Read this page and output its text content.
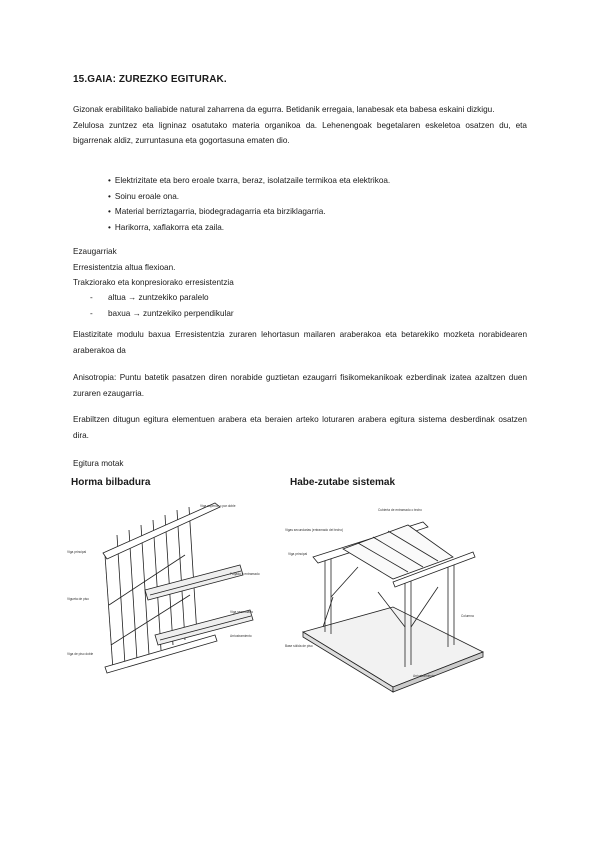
15.GAIA: ZUREZKO EGITURAK.
Gizonak erabilitako baliabide natural zaharrena da egurra. Betidanik erregaia, lanabesak eta babesa eskaini dizkigu.
Zelulosa zuntzez eta ligninaz osatutako materia organikoa da. Lehenengoak begetalaren eskeletoa osatzen du, eta bigarrenak aldiz, zurruntasuna eta gogortasuna ematen dio.
• Elektrizitate eta bero eroale txarra, beraz, isolatzaile termikoa eta elektrikoa.
• Soinu eroale ona.
• Material berriztagarria, biodegradagarria eta birziklagarria.
• Harikorra, xaflakorra eta zaila.
Ezaugarriak
Erresistentzia altua flexioan.
Trakziorako eta konpresiorako erresistentzia
- altua → zuntzekiko paralelo
- baxua → zuntzekiko perpendikular
Elastizitate modulu baxua Erresistentzia zuraren lehortasun mailaren araberakoa eta betarekiko mozketa norabidearen araberakoa da
Anisotropia: Puntu batetik pasatzen diren norabide guztietan ezaugarri fisikomekanikoak ezberdinak izatea azaltzen duen zuraren ezaugarria.
Erabiltzen ditugun egitura elementuen arabera eta beraien arteko loturaren arabera egitura sistema desberdinak osatzen dira.
Egitura motak
Horma bilbadura	Habe-zutabe sistemak
Viga superior o par doble
Viga principal
Forjado o entramado
Vigueta de piso
Viga secundaria
Arriostramiento
Viga de piso doble
Cubierta de entramado o techo
Vigas secundarias (entramado del techo)
Viga principal
Columna
Base sólida de piso
Arriostramiento
